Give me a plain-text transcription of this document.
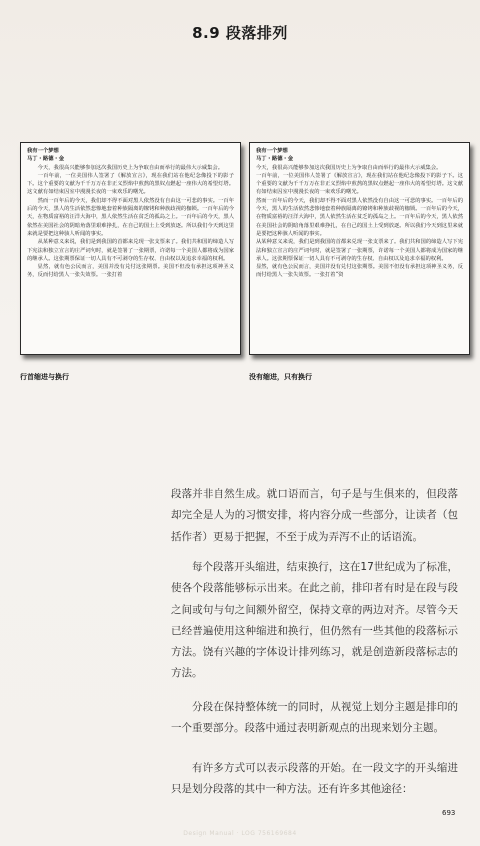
8.9 段落排列

我有一个梦想
马丁・路德・金

今天，我很高兴能够参加这次我国历史上为争取自由而举行的最伟大示威集会。

一百年前，一位美国伟人签署了《解放宣言》，现在我们站在他纪念像投下的影子下。这个重要的文献为千千万万在非正义烈焰中煎熬的黑奴点燃起一座伟大的希望灯塔。这文献有如结束囚室中漫漫长夜的一束欢乐的曙光。

然而一百年后的今天，我们却不得不面对黑人依然没有自由这一可悲的事实。一百年后的今天，黑人的生活依然悲惨地套着种族隔离的镣铐和种族歧视的枷锁。一百年后的今天，在物质富裕的汪洋大海中，黑人依然生活在贫乏的孤岛之上。一百年后的今天，黑人依然在美国社会的阴暗角落里艰难挣扎，在自己的国土上受到放逐。所以我们今天到这里来就是要把这种骇人听闻的事实。

从某种意义来说，我们是到我国的首都来兑现一张支票来了。我们共和国的缔造人写下宪法和独立宣言的庄严词句时，就是签署了一张期票，许诺每一个美国人都将成为国家的继承人。这张期票保证一切人具有不可剥夺的生存权、自由权以及追求幸福的权利。

显然，就有色公民而言，美国并没有兑付这张期票。美国不但没有承担这项神圣义务，反而付给黑人一张失效票。一张打着

我有一个梦想
马丁・路德・金

今天，我很高兴能够参加这次我国历史上为争取自由而举行的最伟大示威集会。

一百年前，一位美国伟人签署了《解放宣言》，现在我们站在他纪念像投下的影子下。这个重要的文献为千千万万在非正义烈焰中煎熬的黑奴点燃起一座伟大的希望灯塔。这文献有如结束囚室中漫漫长夜的一束欢乐的曙光。

然而一百年后的今天，我们却不得不面对黑人依然没有自由这一可悲的事实。一百年后的今天，黑人的生活依然悲惨地套着种族隔离的镣铐和种族歧视的枷锁。一百年后的今天，在物质富裕的汪洋大海中，黑人依然生活在贫乏的孤岛之上。一百年后的今天，黑人依然在美国社会的阴暗角落里艰难挣扎，在自己的国土上受到放逐。所以我们今天到这里来就是要把这种骇人听闻的事实。

从某种意义来说，我们是到我国的首都来兑现一张支票来了。我们共和国的缔造人写下宪法和独立宣言的庄严词句时，就是签署了一张期票，许诺每一个美国人都将成为国家的继承人。这张期票保证一切人具有不可剥夺的生存权、自由权以及追求幸福的权利。

显然，就有色公民而言，美国并没有兑付这张期票。美国不但没有承担这项神圣义务，反而付给黑人一张失效票。一张打着“资

行首缩进与换行	没有缩进，只有换行

段落并非自然生成。就口语而言，句子是与生俱来的，但段落却完全是人为的习惯安排，将内容分成一些部分，让读者（包括作者）更易于把握，不至于成为弄泻不止的话语流。

每个段落开头缩进，结束换行，这在17世纪成为了标准，使各个段落能够标示出来。在此之前，排印者有时是在段与段之间或句与句之间额外留空，保持文章的两边对齐。尽管今天已经普遍使用这种缩进和换行，但仍然有一些其他的段落标示方法。饶有兴趣的字体设计排列练习，就是创造新段落标志的方法。

分段在保持整体统一的同时，从视觉上划分主题是排印的一个重要部分。段落中通过表明新观点的出现来划分主题。

有许多方式可以表示段落的开始。在一段文字的开头缩进只是划分段落的其中一种方法。还有许多其他途径：

693
Design Manual · LOG 756169684
